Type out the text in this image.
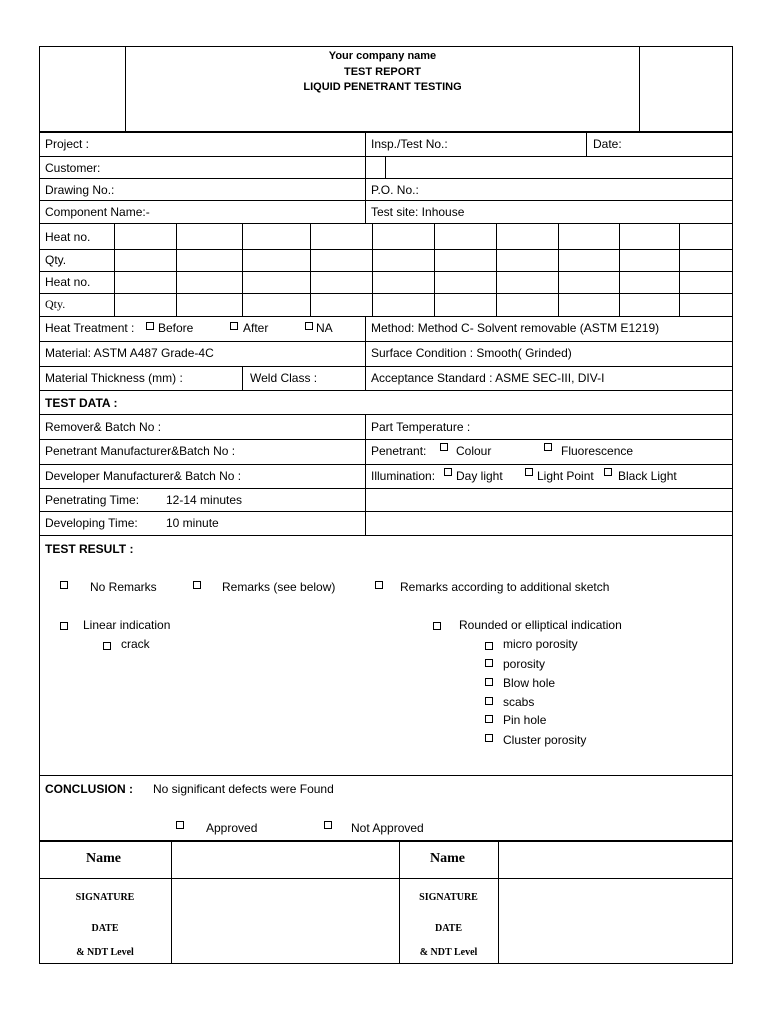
Your company name
TEST REPORT
LIQUID PENETRANT TESTING
Project :	Insp./Test No.:	Date:
Customer:
Drawing No.:	P.O. No.:
Component Name:-	Test site: Inhouse
Heat no.
Qty.
Heat no.
Qty.
Heat Treatment : Before	After	NA	Method: Method C- Solvent removable (ASTM E1219)
Material: ASTM A487 Grade-4C	Surface Condition : Smooth( Grinded)
Material Thickness (mm) :	Weld Class :	Acceptance Standard : ASME SEC-III, DIV-I
TEST DATA :
Remover& Batch No :	Part Temperature :
Penetrant Manufacturer&Batch No :	Penetrant: Colour	Fluorescence
Developer Manufacturer& Batch No :	Illumination: Day light	Light Point Black Light
Penetrating Time: 12-14 minutes
Developing Time: 10 minute
TEST RESULT :
No Remarks	Remarks (see below)	Remarks according to additional sketch
Linear indication
crack
Rounded or elliptical indication
micro porosity
porosity
Blow hole
scabs
Pin hole
Cluster porosity
CONCLUSION : No significant defects were Found
Approved	Not Approved
Name	Name
SIGNATURE
DATE
& NDT Level
SIGNATURE
DATE
& NDT Level
